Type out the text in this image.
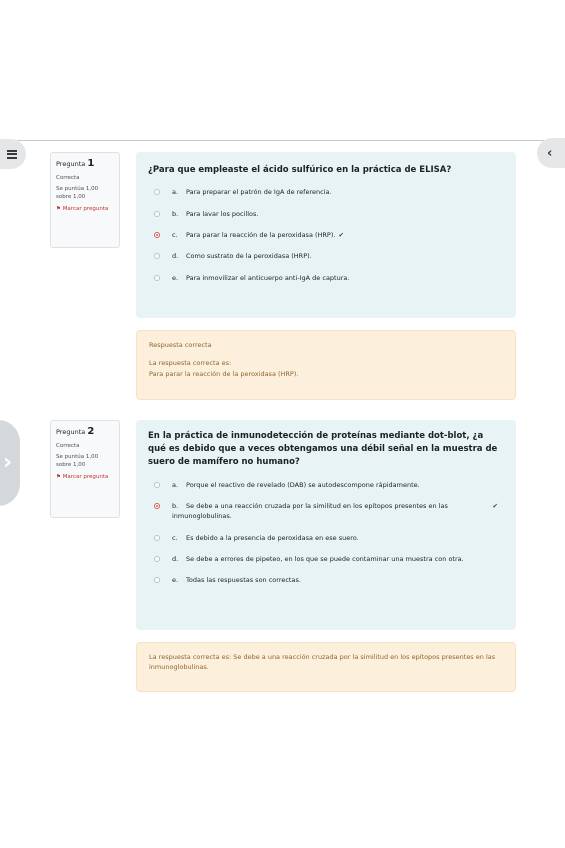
‹
›
Pregunta 1
Correcta
Se puntúa 1,00 sobre 1,00
⚑ Marcar pregunta
¿Para que empleaste el ácido sulfúrico en la práctica de ELISA?
a. Para preparar el patrón de IgA de referencia.
b. Para lavar los pocillos.
c. Para parar la reacción de la peroxidasa (HRP). ✔
d. Como sustrato de la peroxidasa (HRP).
e. Para inmovilizar el anticuerpo anti-IgA de captura.
Respuesta correcta
La respuesta correcta es:
Para parar la reacción de la peroxidasa (HRP).
Pregunta 2
Correcta
Se puntúa 1,00 sobre 1,00
⚑ Marcar pregunta
En la práctica de inmunodetección de proteínas mediante dot-blot, ¿a qué es debido que a veces obtengamos una débil señal en la muestra de suero de mamífero no humano?
a. Porque el reactivo de revelado (DAB) se autodescompone rápidamente.
b. Se debe a una reacción cruzada por la similitud en los epítopos presentes en las inmunoglobulinas.
✔
c. Es debido a la presencia de peroxidasa en ese suero.
d. Se debe a errores de pipeteo, en los que se puede contaminar una muestra con otra.
e. Todas las respuestas son correctas.
La respuesta correcta es: Se debe a una reacción cruzada por la similitud en los epítopos presentes en las inmunoglobulinas.
